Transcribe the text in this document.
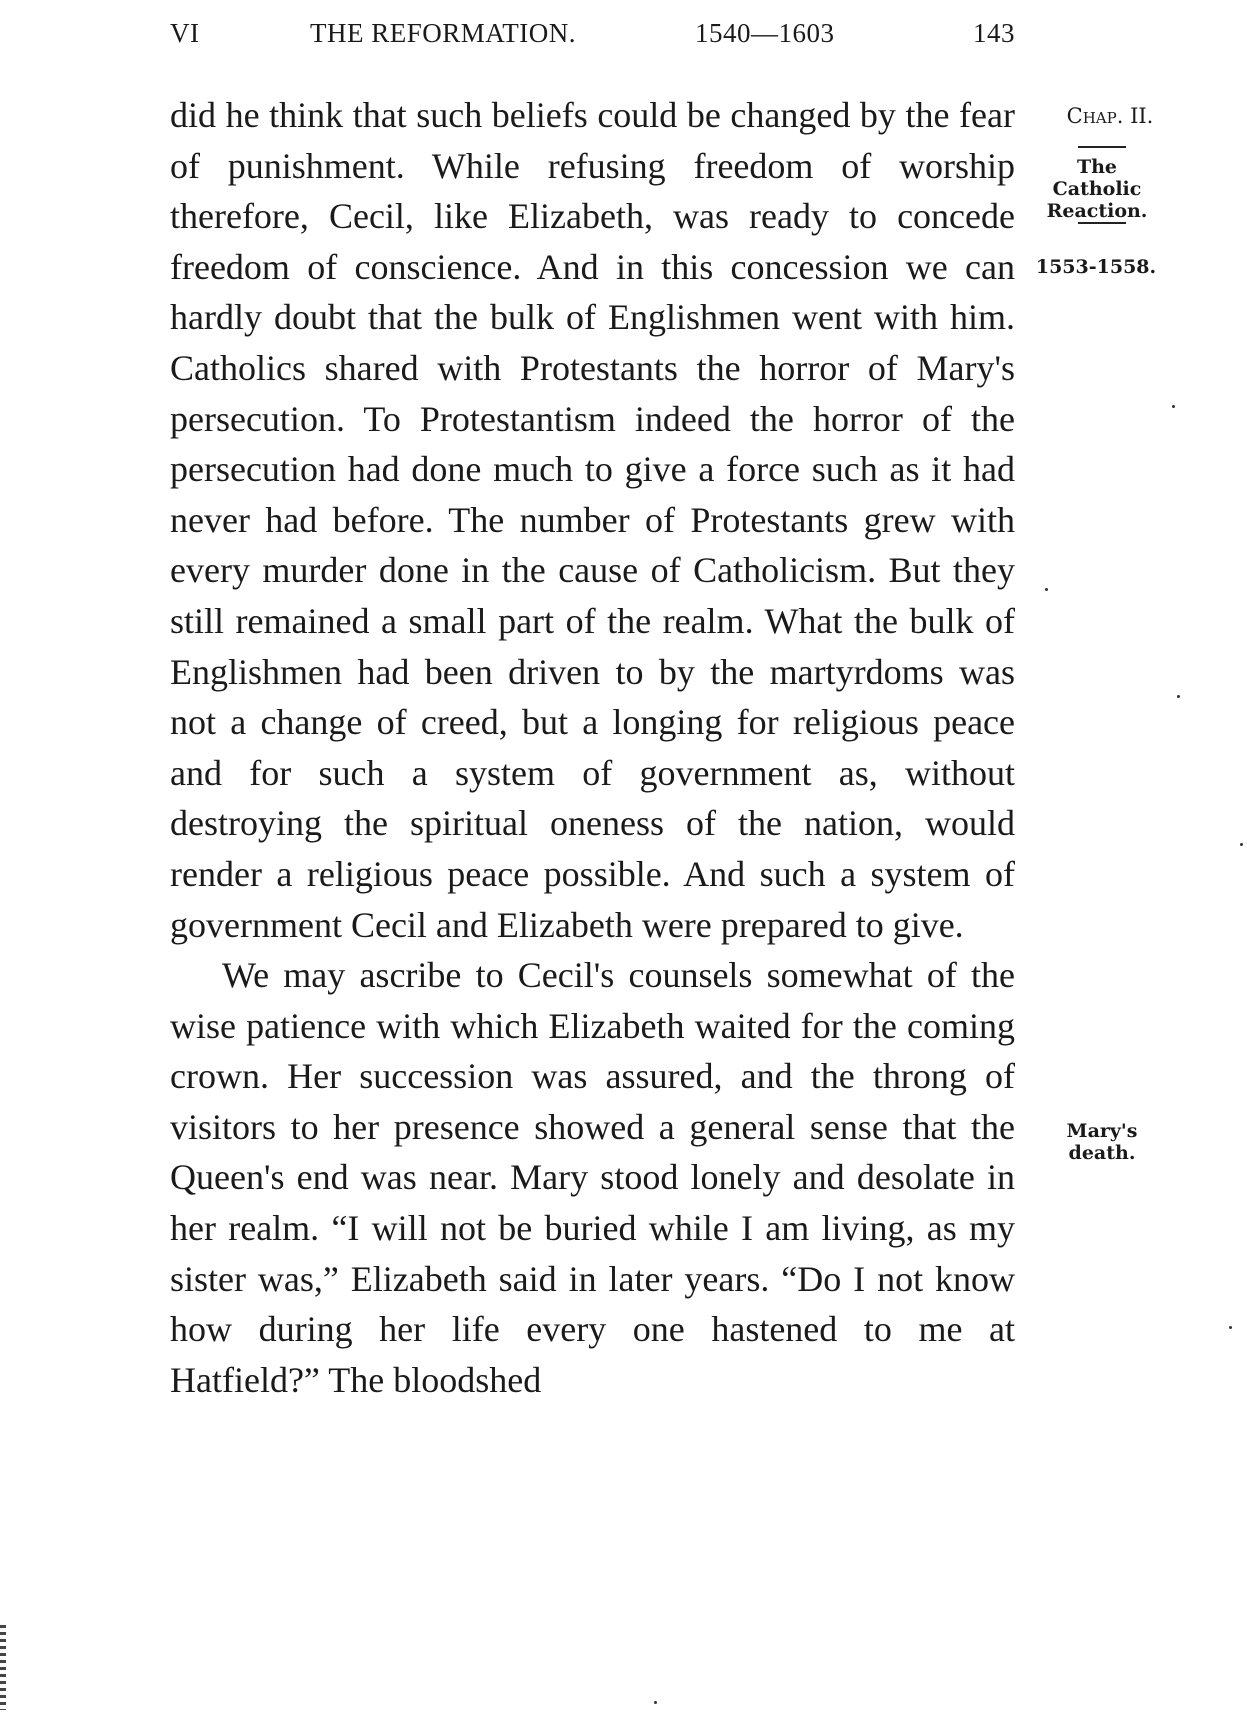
VI	THE REFORMATION.	1540—1603	143

did he think that such beliefs could be changed by the fear of punishment. While refusing freedom of worship therefore, Cecil, like Elizabeth, was ready to concede freedom of conscience. And in this concession we can hardly doubt that the bulk of Englishmen went with him. Catholics shared with Protestants the horror of Mary's persecution. To Protestantism indeed the horror of the persecution had done much to give a force such as it had never had before. The number of Protestants grew with every murder done in the cause of Catholicism. But they still remained a small part of the realm. What the bulk of Englishmen had been driven to by the martyrdoms was not a change of creed, but a longing for religious peace and for such a system of government as, without destroying the spiritual oneness of the nation, would render a religious peace possible. And such a system of government Cecil and Elizabeth were prepared to give.

We may ascribe to Cecil's counsels somewhat of the wise patience with which Elizabeth waited for the coming crown. Her succession was assured, and the throng of visitors to her presence showed a general sense that the Queen's end was near. Mary stood lonely and desolate in her realm. “I will not be buried while I am living, as my sister was,” Elizabeth said in later years. “Do I not know how during her life every one hastened to me at Hatfield?” The bloodshed

Chap. II.
The Catholic Reaction.
1553-1558.
Mary's death.
